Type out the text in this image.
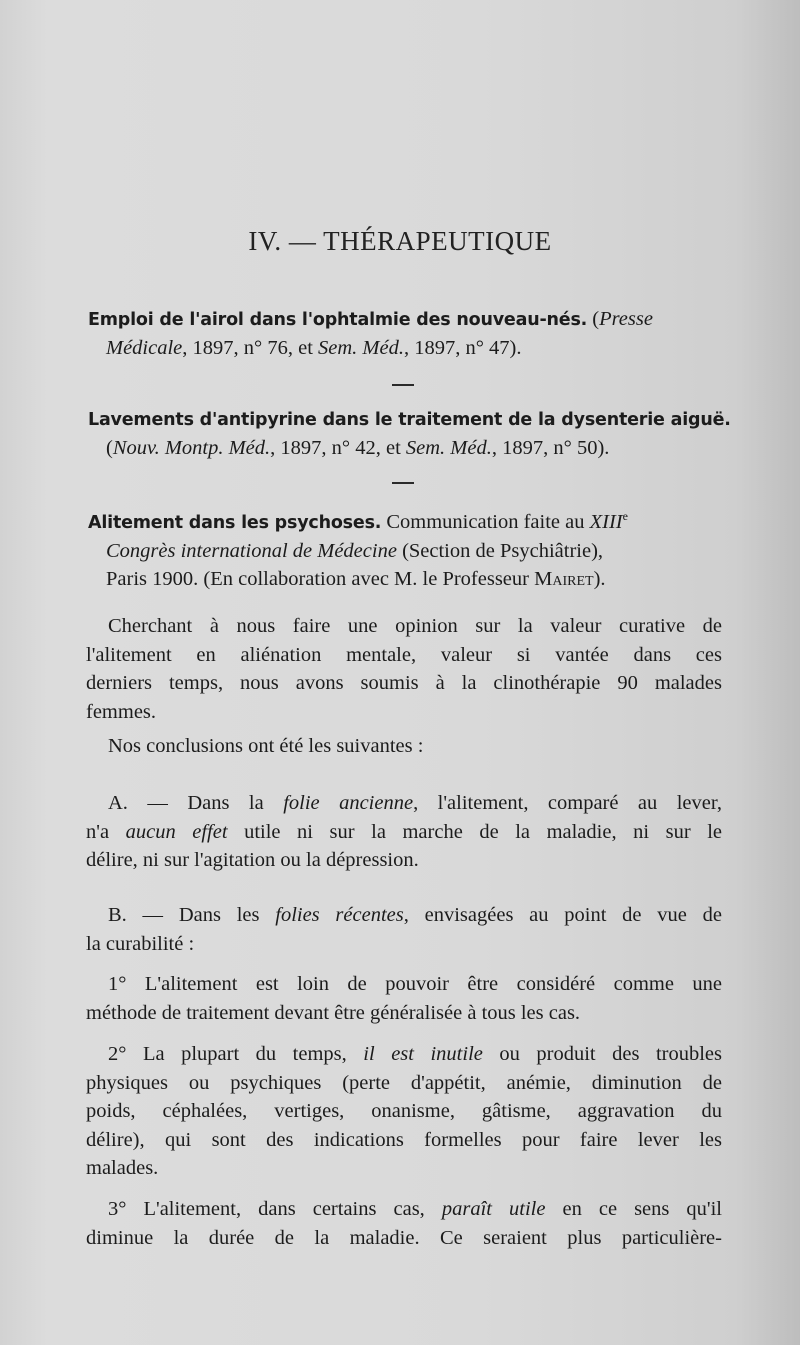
IV. — THÉRAPEUTIQUE
Emploi de l'airol dans l'ophtalmie des nouveau-nés. (Presse
Médicale, 1897, n° 76, et Sem. Méd., 1897, n° 47).
Lavements d'antipyrine dans le traitement de la dysenterie aiguë.
(Nouv. Montp. Méd., 1897, n° 42, et Sem. Méd., 1897, n° 50).
Alitement dans les psychoses. Communication faite au XIIIe
Congrès international de Médecine (Section de Psychiâtrie),
Paris 1900. (En collaboration avec M. le Professeur Mairet).
Cherchant à nous faire une opinion sur la valeur curative de
l'alitement en aliénation mentale, valeur si vantée dans ces
derniers temps, nous avons soumis à la clinothérapie 90 malades
femmes.
Nos conclusions ont été les suivantes :
A. — Dans la folie ancienne, l'alitement, comparé au lever,
n'a aucun effet utile ni sur la marche de la maladie, ni sur le
délire, ni sur l'agitation ou la dépression.
B. — Dans les folies récentes, envisagées au point de vue de
la curabilité :
1° L'alitement est loin de pouvoir être considéré comme une
méthode de traitement devant être généralisée à tous les cas.
2° La plupart du temps, il est inutile ou produit des troubles
physiques ou psychiques (perte d'appétit, anémie, diminution de
poids, céphalées, vertiges, onanisme, gâtisme, aggravation du
délire), qui sont des indications formelles pour faire lever les
malades.
3° L'alitement, dans certains cas, paraît utile en ce sens qu'il
diminue la durée de la maladie. Ce seraient plus particulière-
